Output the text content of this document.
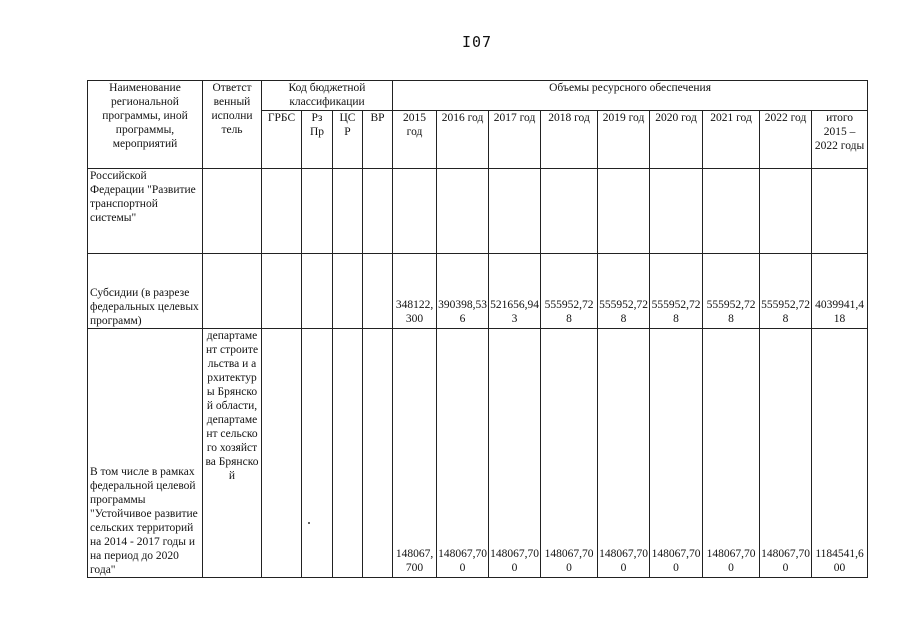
I07
Наименование региональной программы, иной программы, мероприятий	Ответст венный исполни тель	Код бюджетной классификации				Объемы ресурсного обеспечения								
		ГРБС	Рз Пр	ЦС Р	ВР	2015 год	2016 год	2017 год	2018 год	2019 год	2020 год	2021 год	2022 год	итого 2015 – 2022 годы
Российской Федерации "Развитие транспортной системы"														
Субсидии (в разрезе федеральных целевых программ)						348122,300	390398,536	521656,943	555952,728	555952,728	555952,728	555952,728	555952,728	4039941,418
В том числе в рамках федеральной целевой программы "Устойчивое развитие сельских территорий на 2014 - 2017 годы и на период до 2020 года"	департамент строительства и архитектуры Брянской области, департамент сельского хозяйства Брянской					148067,700	148067,700	148067,700	148067,700	148067,700	148067,700	148067,700	148067,700	1184541,600
